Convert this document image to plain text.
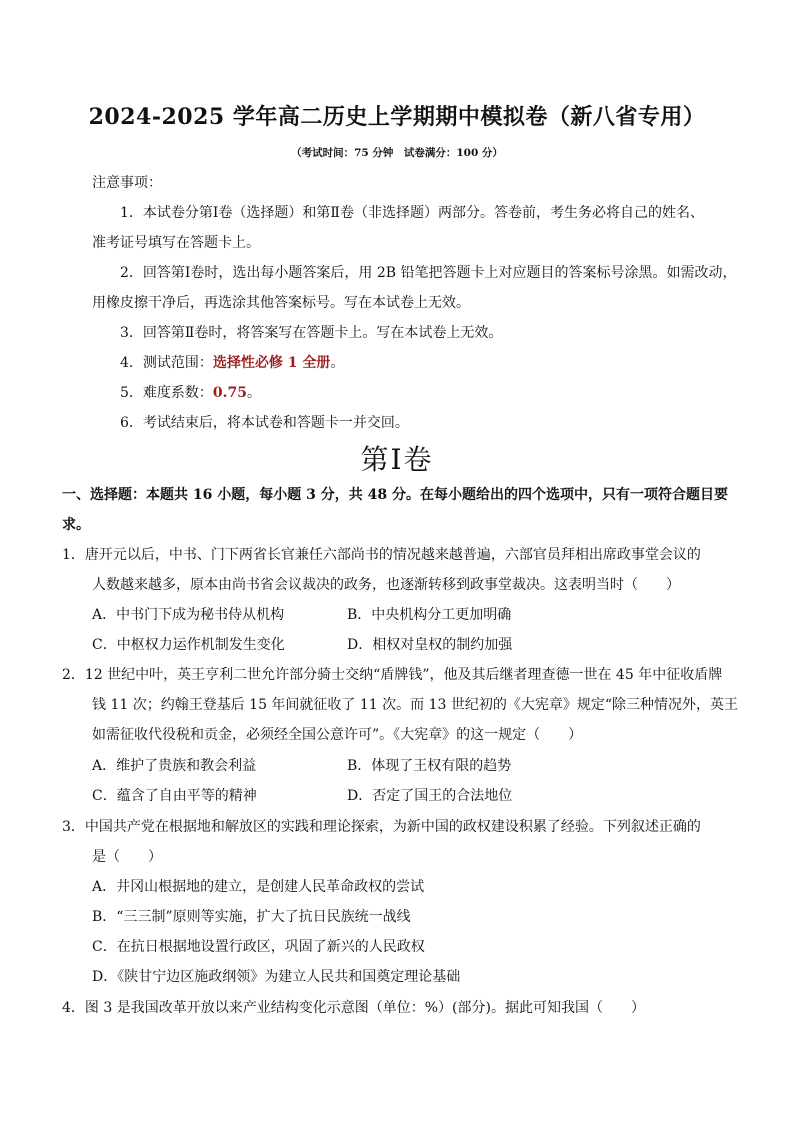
2024-2025 学年高二历史上学期期中模拟卷（新八省专用）
（考试时间：75 分钟　试卷满分：100 分）
注意事项：
1．本试卷分第Ⅰ卷（选择题）和第Ⅱ卷（非选择题）两部分。答卷前，考生务必将自己的姓名、
准考证号填写在答题卡上。
2．回答第Ⅰ卷时，选出每小题答案后，用 2B 铅笔把答题卡上对应题目的答案标号涂黑。如需改动，
用橡皮擦干净后，再选涂其他答案标号。写在本试卷上无效。
3．回答第Ⅱ卷时，将答案写在答题卡上。写在本试卷上无效。
4．测试范围：选择性必修 1 全册。
5．难度系数：0.75。
6．考试结束后，将本试卷和答题卡一并交回。
第Ⅰ卷
一、选择题：本题共 16 小题，每小题 3 分，共 48 分。在每小题给出的四个选项中，只有一项符合题目要
求。
1．唐开元以后，中书、门下两省长官兼任六部尚书的情况越来越普遍，六部官员拜相出席政事堂会议的
人数越来越多，原本由尚书省会议裁决的政务，也逐渐转移到政事堂裁决。这表明当时（　　）
A．中书门下成为秘书侍从机构	B．中央机构分工更加明确
C．中枢权力运作机制发生变化	D．相权对皇权的制约加强
2．12 世纪中叶，英王亨利二世允许部分骑士交纳“盾牌钱”，他及其后继者理查德一世在 45 年中征收盾牌
钱 11 次；约翰王登基后 15 年间就征收了 11 次。而 13 世纪初的《大宪章》规定“除三种情况外，英王
如需征收代役税和贡金，必须经全国公意许可”。《大宪章》的这一规定（　　）
A．维护了贵族和教会利益	B．体现了王权有限的趋势
C．蕴含了自由平等的精神	D．否定了国王的合法地位
3．中国共产党在根据地和解放区的实践和理论探索，为新中国的政权建设积累了经验。下列叙述正确的
是（　　）
A．井冈山根据地的建立，是创建人民革命政权的尝试
B．“三三制”原则等实施，扩大了抗日民族统一战线
C．在抗日根据地设置行政区，巩固了新兴的人民政权
D．《陕甘宁边区施政纲领》为建立人民共和国奠定理论基础
4．图 3 是我国改革开放以来产业结构变化示意图（单位：%）(部分)。据此可知我国（　　）
